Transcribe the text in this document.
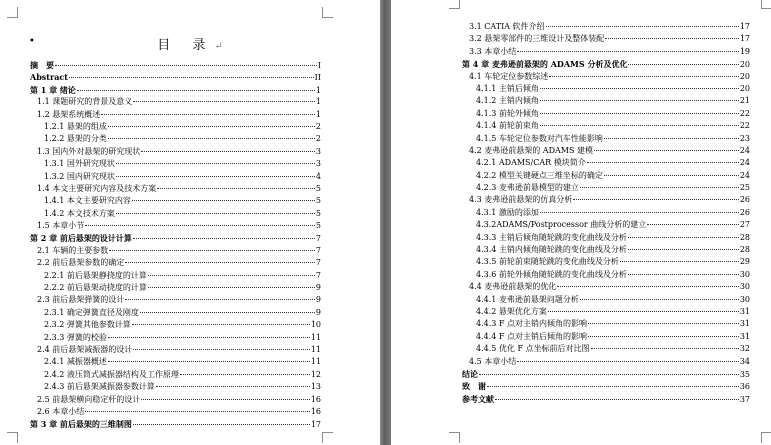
•	目 录↵
摘　要	I
Abstract	II
第 1 章 绪论	1
1.1 课题研究的背景及意义	1
1.2 悬架系统概述	1
1.2.1 悬架的组成	2
1.2.2 悬架的分类	2
1.3 国内外对悬架的研究现状	3
1.3.1 国外研究现状	3
1.3.2 国内研究现状	4
1.4 本文主要研究内容及技术方案	5
1.4.1 本文主要研究内容	5
1.4.2 本文技术方案	5
1.5 本章小节	5
第 2 章 前后悬架的设计计算	7
2.1 车辆的主要参数	7
2.2 前后悬架参数的确定	7
2.2.1 前后悬架静挠度的计算	7
2.2.2 前后悬架动挠度的计算	9
2.3 前后悬架弹簧的设计	9
2.3.1 确定弹簧直径及刚度	9
2.3.2 弹簧其他参数计算	10
2.3.3 弹簧的校验	11
2.4 前后悬架减振器的设计	11
2.4.1 减振器概述	11
2.4.2 液压筒式减振器结构及工作原理	12
2.4.3 前后悬架减振器参数计算	13
2.5 前悬架横向稳定杆的设计	16
2.6 本章小结	16
第 3 章 前后悬架的三维制图	17
3.1 CATIA 软件介绍	17
3.2 悬架零部件的三维设计及整体装配	17
3.3 本章小结	19
第 4 章 麦弗逊前悬架的 ADAMS 分析及优化	20
4.1 车轮定位参数综述	20
4.1.1 主销后倾角	20
4.1.2 主销内倾角	21
4.1.3 前轮外倾角	22
4.1.4 前轮前束角	22
4.1.5 车轮定位参数对汽车性能影响	23
4.2 麦弗逊前悬架的 ADAMS 建模	24
4.2.1 ADAMS/CAR 模块简介	24
4.2.2 模型关键硬点三维坐标的确定	24
4.2.3 麦弗逊前悬模型的建立	25
4.3 麦弗逊前悬架的仿真分析	26
4.3.1 激励的添加	26
4.3.2ADAMS/Postprocessor 曲线分析的建立	27
4.3.3 主销后倾角随轮跳的变化曲线及分析	28
4.3.4 主销内倾角随轮跳的变化曲线及分析	28
4.3.5 前轮前束随轮跳的变化曲线及分析	29
4.3.6 前轮外倾角随轮跳的变化曲线及分析	30
4.4 麦弗逊前悬架的优化	30
4.4.1 麦弗逊前悬架问题分析	30
4.4.2 悬架优化方案	31
4.4.3 F 点对主销内倾角的影响	31
4.4.4 F 点对主销后倾角的影响	31
4.4.5 优化 F 点坐标前后对比图	32
4.5 本章小结	34
结论	35
致　谢	36
参考文献	37
